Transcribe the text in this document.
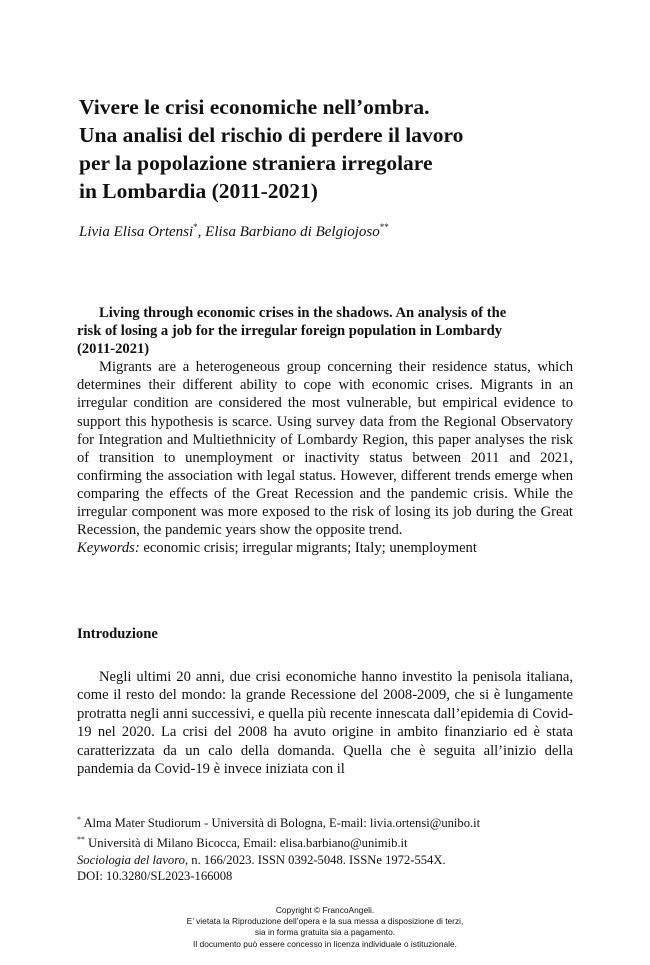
Vivere le crisi economiche nell’ombra.
Una analisi del rischio di perdere il lavoro
per la popolazione straniera irregolare
in Lombardia (2011-2021)
Livia Elisa Ortensi*, Elisa Barbiano di Belgiojoso**
Living through economic crises in the shadows. An analysis of the
risk of losing a job for the irregular foreign population in Lombardy
(2011-2021)

Migrants are a heterogeneous group concerning their residence status, which determines their different ability to cope with economic crises. Migrants in an irregular condition are considered the most vulnerable, but empirical evidence to support this hypothesis is scarce. Using survey data from the Regional Observatory for Integration and Multiethnicity of Lombardy Region, this paper analyses the risk of transition to unemployment or inactivity status between 2011 and 2021, confirming the association with legal status. However, different trends emerge when comparing the effects of the Great Recession and the pandemic crisis. While the irregular component was more exposed to the risk of losing its job during the Great Recession, the pandemic years show the opposite trend.

Keywords: economic crisis; irregular migrants; Italy; unemployment
Introduzione

Negli ultimi 20 anni, due crisi economiche hanno investito la penisola italiana, come il resto del mondo: la grande Recessione del 2008-2009, che si è lungamente protratta negli anni successivi, e quella più recente innescata dall’epidemia di Covid-19 nel 2020. La crisi del 2008 ha avuto origine in ambito finanziario ed è stata caratterizzata da un calo della domanda. Quella che è seguita all’inizio della pandemia da Covid-19 è invece iniziata con il

* Alma Mater Studiorum - Università di Bologna, E-mail: livia.ortensi@unibo.it
** Università di Milano Bicocca, Email: elisa.barbiano@unimib.it
Sociologia del lavoro, n. 166/2023. ISSN 0392-5048. ISSNe 1972-554X.
DOI: 10.3280/SL2023-166008
Copyright © FrancoAngeli.
E’ vietata la Riproduzione dell’opera e la sua messa a disposizione di terzi,
sia in forma gratuita sia a pagamento.
Il documento può essere concesso in licenza individuale o istituzionale.
